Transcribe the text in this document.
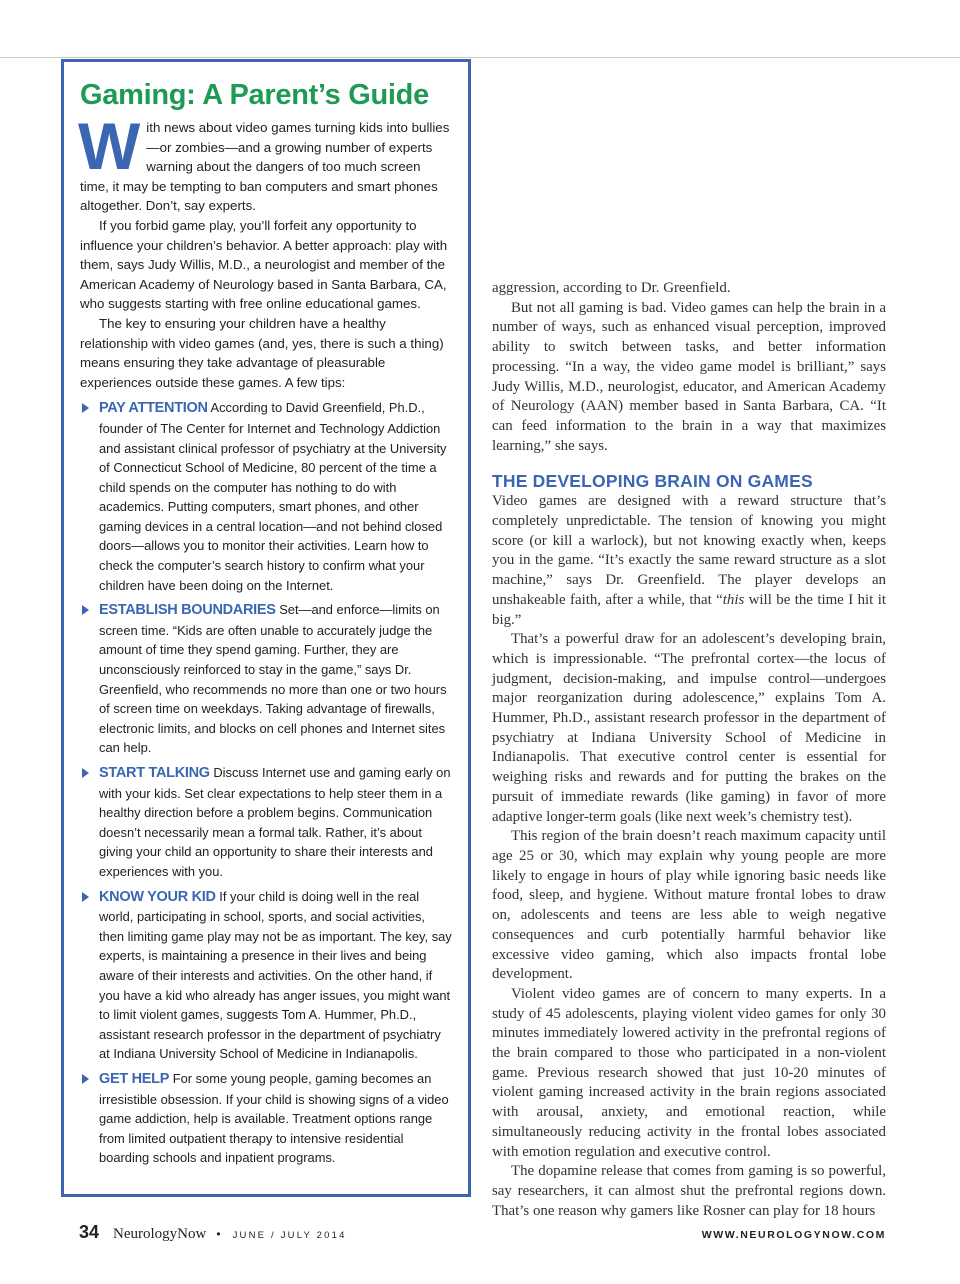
Gaming: A Parent’s Guide

With news about video games turning kids into bullies—or zombies—and a growing number of experts warning about the dangers of too much screen time, it may be tempting to ban computers and smart phones altogether. Don’t, say experts.

If you forbid game play, you’ll forfeit any opportunity to influence your children’s behavior. A better approach: play with them, says Judy Willis, M.D., a neurologist and member of the American Academy of Neurology based in Santa Barbara, CA, who suggests starting with free online educational games.

The key to ensuring your children have a healthy relationship with video games (and, yes, there is such a thing) means ensuring they take advantage of pleasurable experiences outside these games. A few tips:

PAY ATTENTION According to David Greenfield, Ph.D., founder of The Center for Internet and Technology Addiction and assistant clinical professor of psychiatry at the University of Connecticut School of Medicine, 80 percent of the time a child spends on the computer has nothing to do with academics. Putting computers, smart phones, and other gaming devices in a central location—and not behind closed doors—allows you to monitor their activities. Learn how to check the computer’s search history to confirm what your children have been doing on the Internet.
ESTABLISH BOUNDARIES Set—and enforce—limits on screen time. “Kids are often unable to accurately judge the amount of time they spend gaming. Further, they are unconsciously reinforced to stay in the game,” says Dr. Greenfield, who recommends no more than one or two hours of screen time on weekdays. Taking advantage of firewalls, electronic limits, and blocks on cell phones and Internet sites can help.
START TALKING Discuss Internet use and gaming early on with your kids. Set clear expectations to help steer them in a healthy direction before a problem begins. Communication doesn’t necessarily mean a formal talk. Rather, it’s about giving your child an opportunity to share their interests and experiences with you.
KNOW YOUR KID If your child is doing well in the real world, participating in school, sports, and social activities, then limiting game play may not be as important. The key, say experts, is maintaining a presence in their lives and being aware of their interests and activities. On the other hand, if you have a kid who already has anger issues, you might want to limit violent games, suggests Tom A. Hummer, Ph.D., assistant research professor in the department of psychiatry at Indiana University School of Medicine in Indianapolis.
GET HELP For some young people, gaming becomes an irresistible obsession. If your child is showing signs of a video game addiction, help is available. Treatment options range from limited outpatient therapy to intensive residential boarding schools and inpatient programs.

aggression, according to Dr. Greenfield.

But not all gaming is bad. Video games can help the brain in a number of ways, such as enhanced visual perception, improved ability to switch between tasks, and better information processing. “In a way, the video game model is brilliant,” says Judy Willis, M.D., neurologist, educator, and American Academy of Neurology (AAN) member based in Santa Barbara, CA. “It can feed information to the brain in a way that maximizes learning,” she says.

THE DEVELOPING BRAIN ON GAMES

Video games are designed with a reward structure that’s completely unpredictable. The tension of knowing you might score (or kill a warlock), but not knowing exactly when, keeps you in the game. “It’s exactly the same reward structure as a slot machine,” says Dr. Greenfield. The player develops an unshakeable faith, after a while, that “this will be the time I hit it big.”

That’s a powerful draw for an adolescent’s developing brain, which is impressionable. “The prefrontal cortex—the locus of judgment, decision-making, and impulse control—undergoes major reorganization during adolescence,” explains Tom A. Hummer, Ph.D., assistant research professor in the department of psychiatry at Indiana University School of Medicine in Indianapolis. That executive control center is essential for weighing risks and rewards and for putting the brakes on the pursuit of immediate rewards (like gaming) in favor of more adaptive longer-term goals (like next week’s chemistry test).

This region of the brain doesn’t reach maximum capacity until age 25 or 30, which may explain why young people are more likely to engage in hours of play while ignoring basic needs like food, sleep, and hygiene. Without mature frontal lobes to draw on, adolescents and teens are less able to weigh negative consequences and curb potentially harmful behavior like excessive video gaming, which also impacts frontal lobe development.

Violent video games are of concern to many experts. In a study of 45 adolescents, playing violent video games for only 30 minutes immediately lowered activity in the prefrontal regions of the brain compared to those who participated in a non-violent game. Previous research showed that just 10-20 minutes of violent gaming increased activity in the brain regions associated with arousal, anxiety, and emotional reaction, while simultaneously reducing activity in the frontal lobes associated with emotion regulation and executive control.

The dopamine release that comes from gaming is so powerful, say researchers, it can almost shut the prefrontal regions down. That’s one reason why gamers like Rosner can play for 18 hours

34 NeurologyNow • JUNE / JULY 2014	WWW.NEUROLOGYNOW.COM
